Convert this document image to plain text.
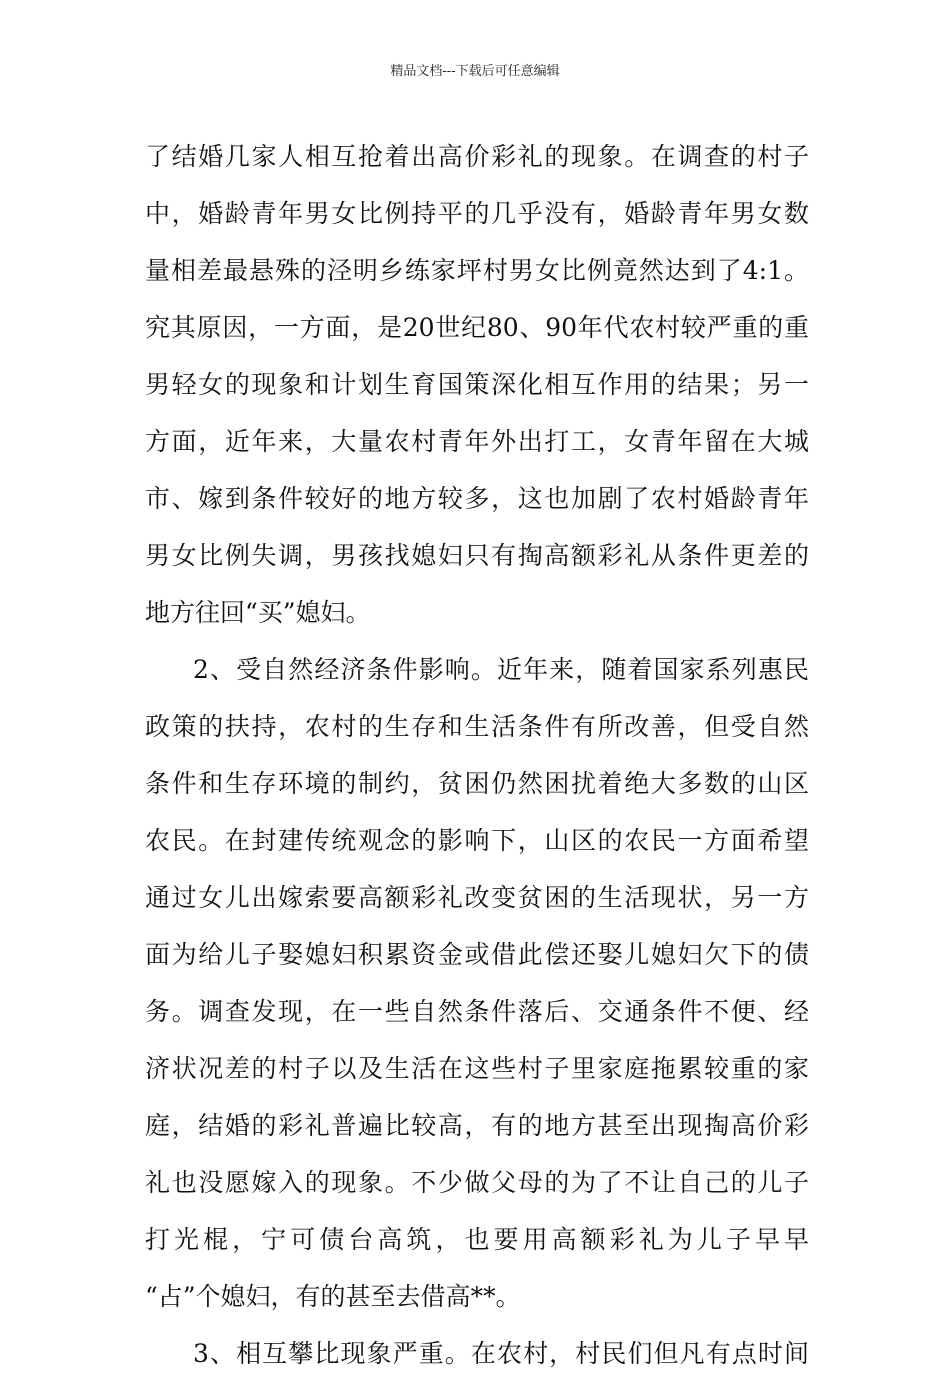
精品文档---下载后可任意编辑
了结婚几家人相互抢着出高价彩礼的现象。在调查的村子
中，婚龄青年男女比例持平的几乎没有，婚龄青年男女数
量相差最悬殊的泾明乡练家坪村男女比例竟然达到了4:1。
究其原因，一方面，是20世纪80、90年代农村较严重的重
男轻女的现象和计划生育国策深化相互作用的结果；另一
方面，近年来，大量农村青年外出打工，女青年留在大城
市、嫁到条件较好的地方较多，这也加剧了农村婚龄青年
男女比例失调，男孩找媳妇只有掏高额彩礼从条件更差的
地方往回“买”媳妇。
2、受自然经济条件影响。近年来，随着国家系列惠民
政策的扶持，农村的生存和生活条件有所改善，但受自然
条件和生存环境的制约，贫困仍然困扰着绝大多数的山区
农民。在封建传统观念的影响下，山区的农民一方面希望
通过女儿出嫁索要高额彩礼改变贫困的生活现状，另一方
面为给儿子娶媳妇积累资金或借此偿还娶儿媳妇欠下的债
务。调查发现，在一些自然条件落后、交通条件不便、经
济状况差的村子以及生活在这些村子里家庭拖累较重的家
庭，结婚的彩礼普遍比较高，有的地方甚至出现掏高价彩
礼也没愿嫁入的现象。不少做父母的为了不让自己的儿子
打光棍，宁可债台高筑，也要用高额彩礼为儿子早早
“占”个媳妇，有的甚至去借高**。
3、相互攀比现象严重。在农村，村民们但凡有点时间
